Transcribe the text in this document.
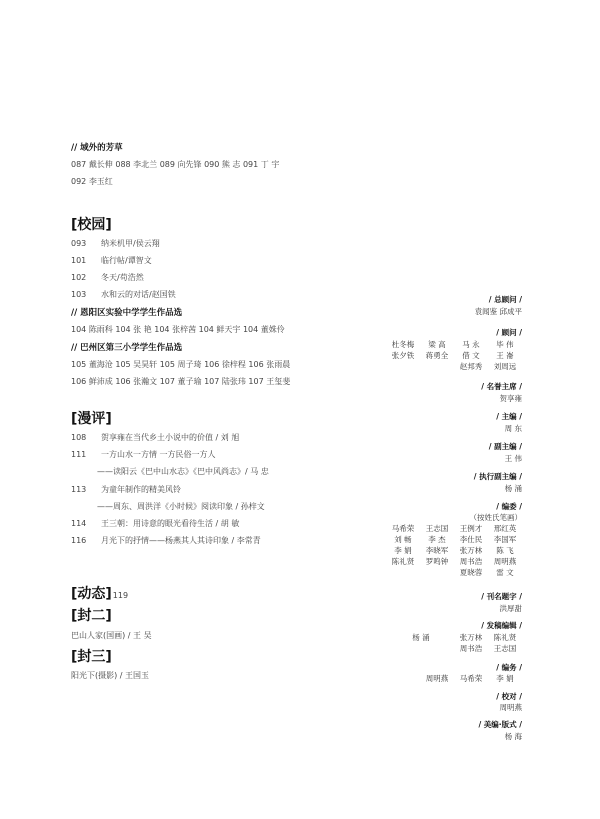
// 域外的芳草
087 戴长伸 088 李北兰 089 向先锋 090 熊 志 091 丁 宇
092 李玉红
[校园]
093 纳米机甲/侯云翔
101 临行帖/谭智文
102 冬天/苟浩然
103 水和云的对话/赵国铁
// 恩阳区实验中学学生作品选
104 陈雨科 104 张 艳 104 张梓茜 104 鲜天宇 104 董姝伶
// 巴州区第三小学学生作品选
105 董海沧 105 吴昊轩 105 周子琦 106 徐梓程 106 张雨晨
106 鲜沛成 106 张瀚文 107 董子瑜 107 陆张玮 107 王玺斐
[漫评]
108 贺享雍在当代乡土小说中的价值 / 刘 旭
111 一方山水一方情 一方民俗一方人
——读阳云《巴中山水志》《巴中风尚志》/ 马 忠
113 为童年制作的精美风铃
——周东、周洪洋《小时候》阅读印象 / 孙梓文
114 王三朝：用诗意的眼光看待生活 / 胡 敏
116 月光下的抒情——杨燕其人其诗印象 / 李常青
[动态]119
[封二]
巴山人家(国画) / 王 吴
[封三]
阳光下(摄影) / 王国玉
/ 总顾问 /
袁闻鉴 邱成平
/ 顾问 /
杜冬梅	梁 高	马 永	毕 伟
张夕铁	蒋勇全	借 文	王 崙
赵邦秀	刘周远
/ 名誉主席 /
贺享雍
/ 主编 /
周 东
/ 副主编 /
王 伟
/ 执行副主编 /
杨 涌
/ 编委 /
（按姓氏笔画）
马希荣	王志国	王例才	邢红英
刘 畅	李 杰	李仕民	李国军
李 娟	李晓军	张万林	陈 飞
陈礼贤	罗鸣钟	周书浩	周明燕
夏晓蓉	雷 文
/ 刊名题字 /
洪厚甜
/ 发稿编辑 /
杨 涌	张万林	陈礼贤
周书浩	王志国
/ 编务 /
周明燕	马希荣	李 娟
/ 校对 /
周明燕
/ 美编·版式 /
杨 海
